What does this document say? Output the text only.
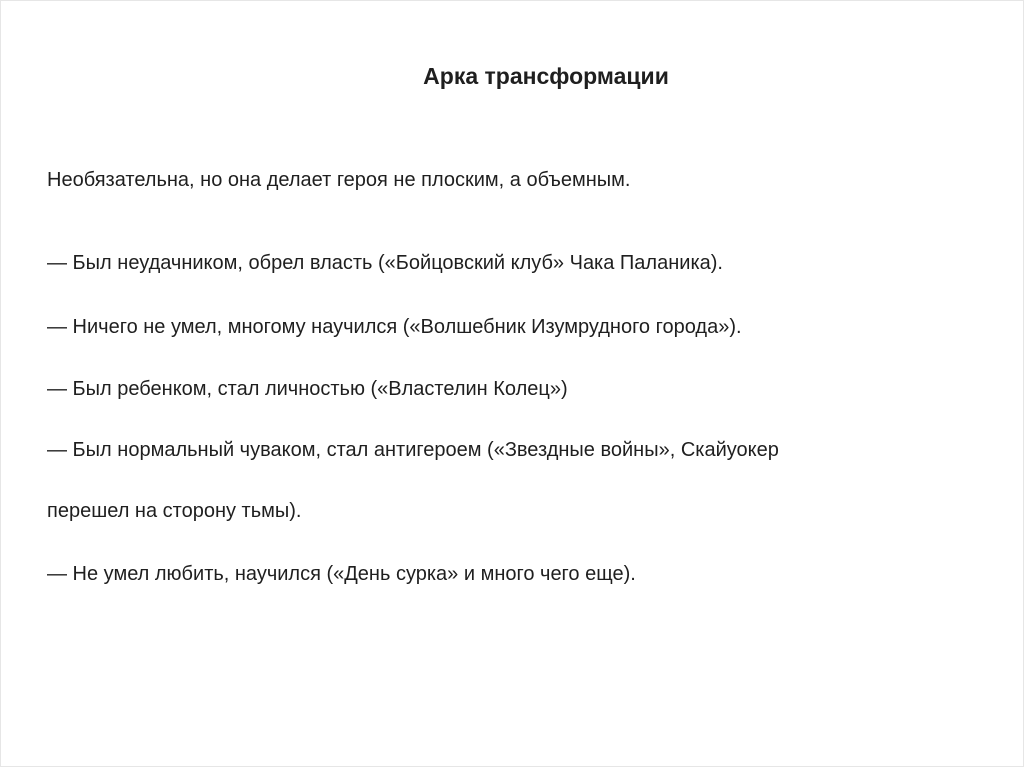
Арка трансформации
Необязательна, но она делает героя не плоским, а объемным.
— Был неудачником, обрел власть («Бойцовский клуб» Чака Паланика).
— Ничего не умел, многому научился («Волшебник Изумрудного города»).
— Был ребенком, стал личностью («Властелин Колец»)
— Был нормальный чуваком, стал антигероем («Звездные войны», Скайуокер
перешел на сторону тьмы).
— Не умел любить, научился («День сурка» и много чего еще).
